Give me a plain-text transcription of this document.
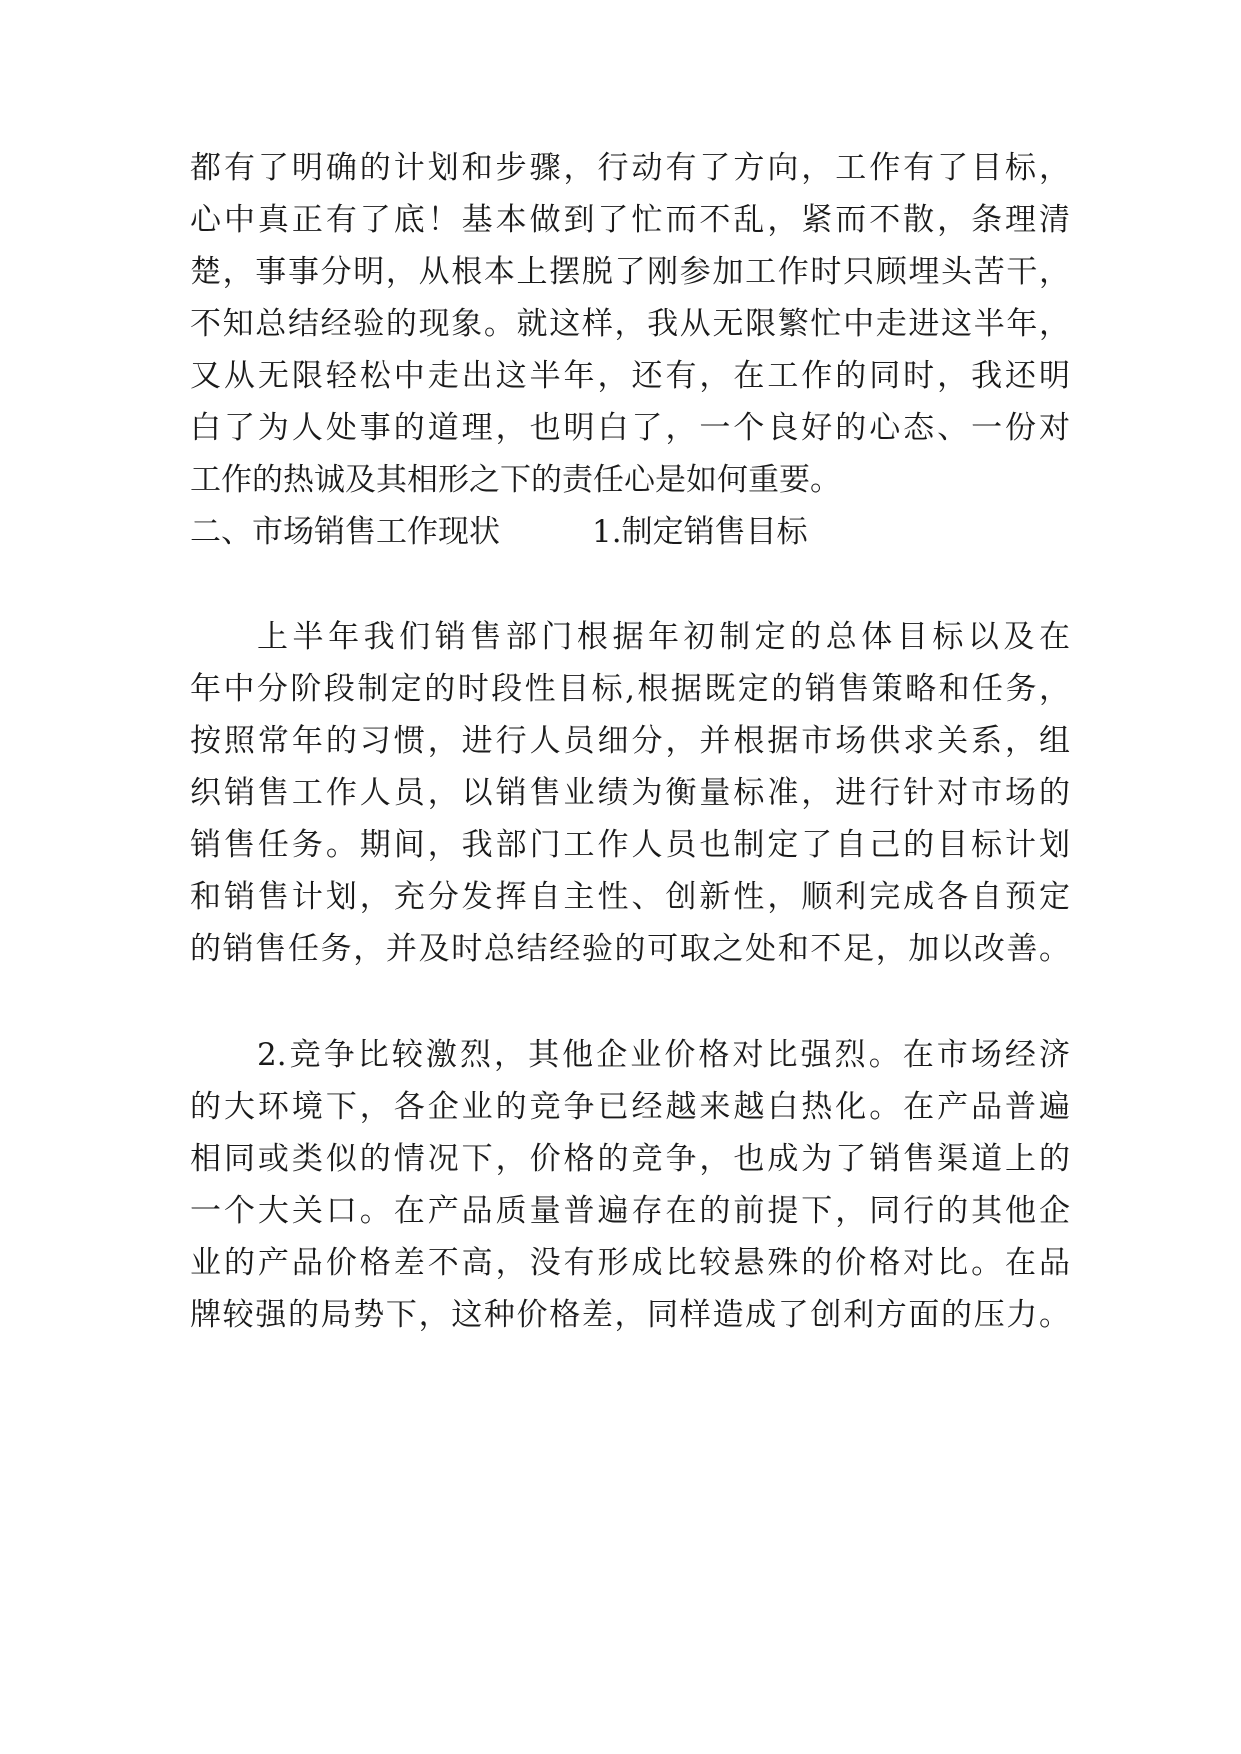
都有了明确的计划和步骤，行动有了方向，工作有了目标，
心中真正有了底！基本做到了忙而不乱，紧而不散，条理清
楚，事事分明，从根本上摆脱了刚参加工作时只顾埋头苦干，
不知总结经验的现象。就这样，我从无限繁忙中走进这半年，
又从无限轻松中走出这半年，还有，在工作的同时，我还明
白了为人处事的道理，也明白了，一个良好的心态、一份对
工作的热诚及其相形之下的责任心是如何重要。
二、市场销售工作现状	1.制定销售目标
上半年我们销售部门根据年初制定的总体目标以及在
年中分阶段制定的时段性目标,根据既定的销售策略和任务，
按照常年的习惯，进行人员细分，并根据市场供求关系，组
织销售工作人员，以销售业绩为衡量标准，进行针对市场的
销售任务。期间，我部门工作人员也制定了自己的目标计划
和销售计划，充分发挥自主性、创新性，顺利完成各自预定
的销售任务，并及时总结经验的可取之处和不足，加以改善。
2.竞争比较激烈，其他企业价格对比强烈。在市场经济
的大环境下，各企业的竞争已经越来越白热化。在产品普遍
相同或类似的情况下，价格的竞争，也成为了销售渠道上的
一个大关口。在产品质量普遍存在的前提下，同行的其他企
业的产品价格差不高，没有形成比较悬殊的价格对比。在品
牌较强的局势下，这种价格差，同样造成了创利方面的压力。
